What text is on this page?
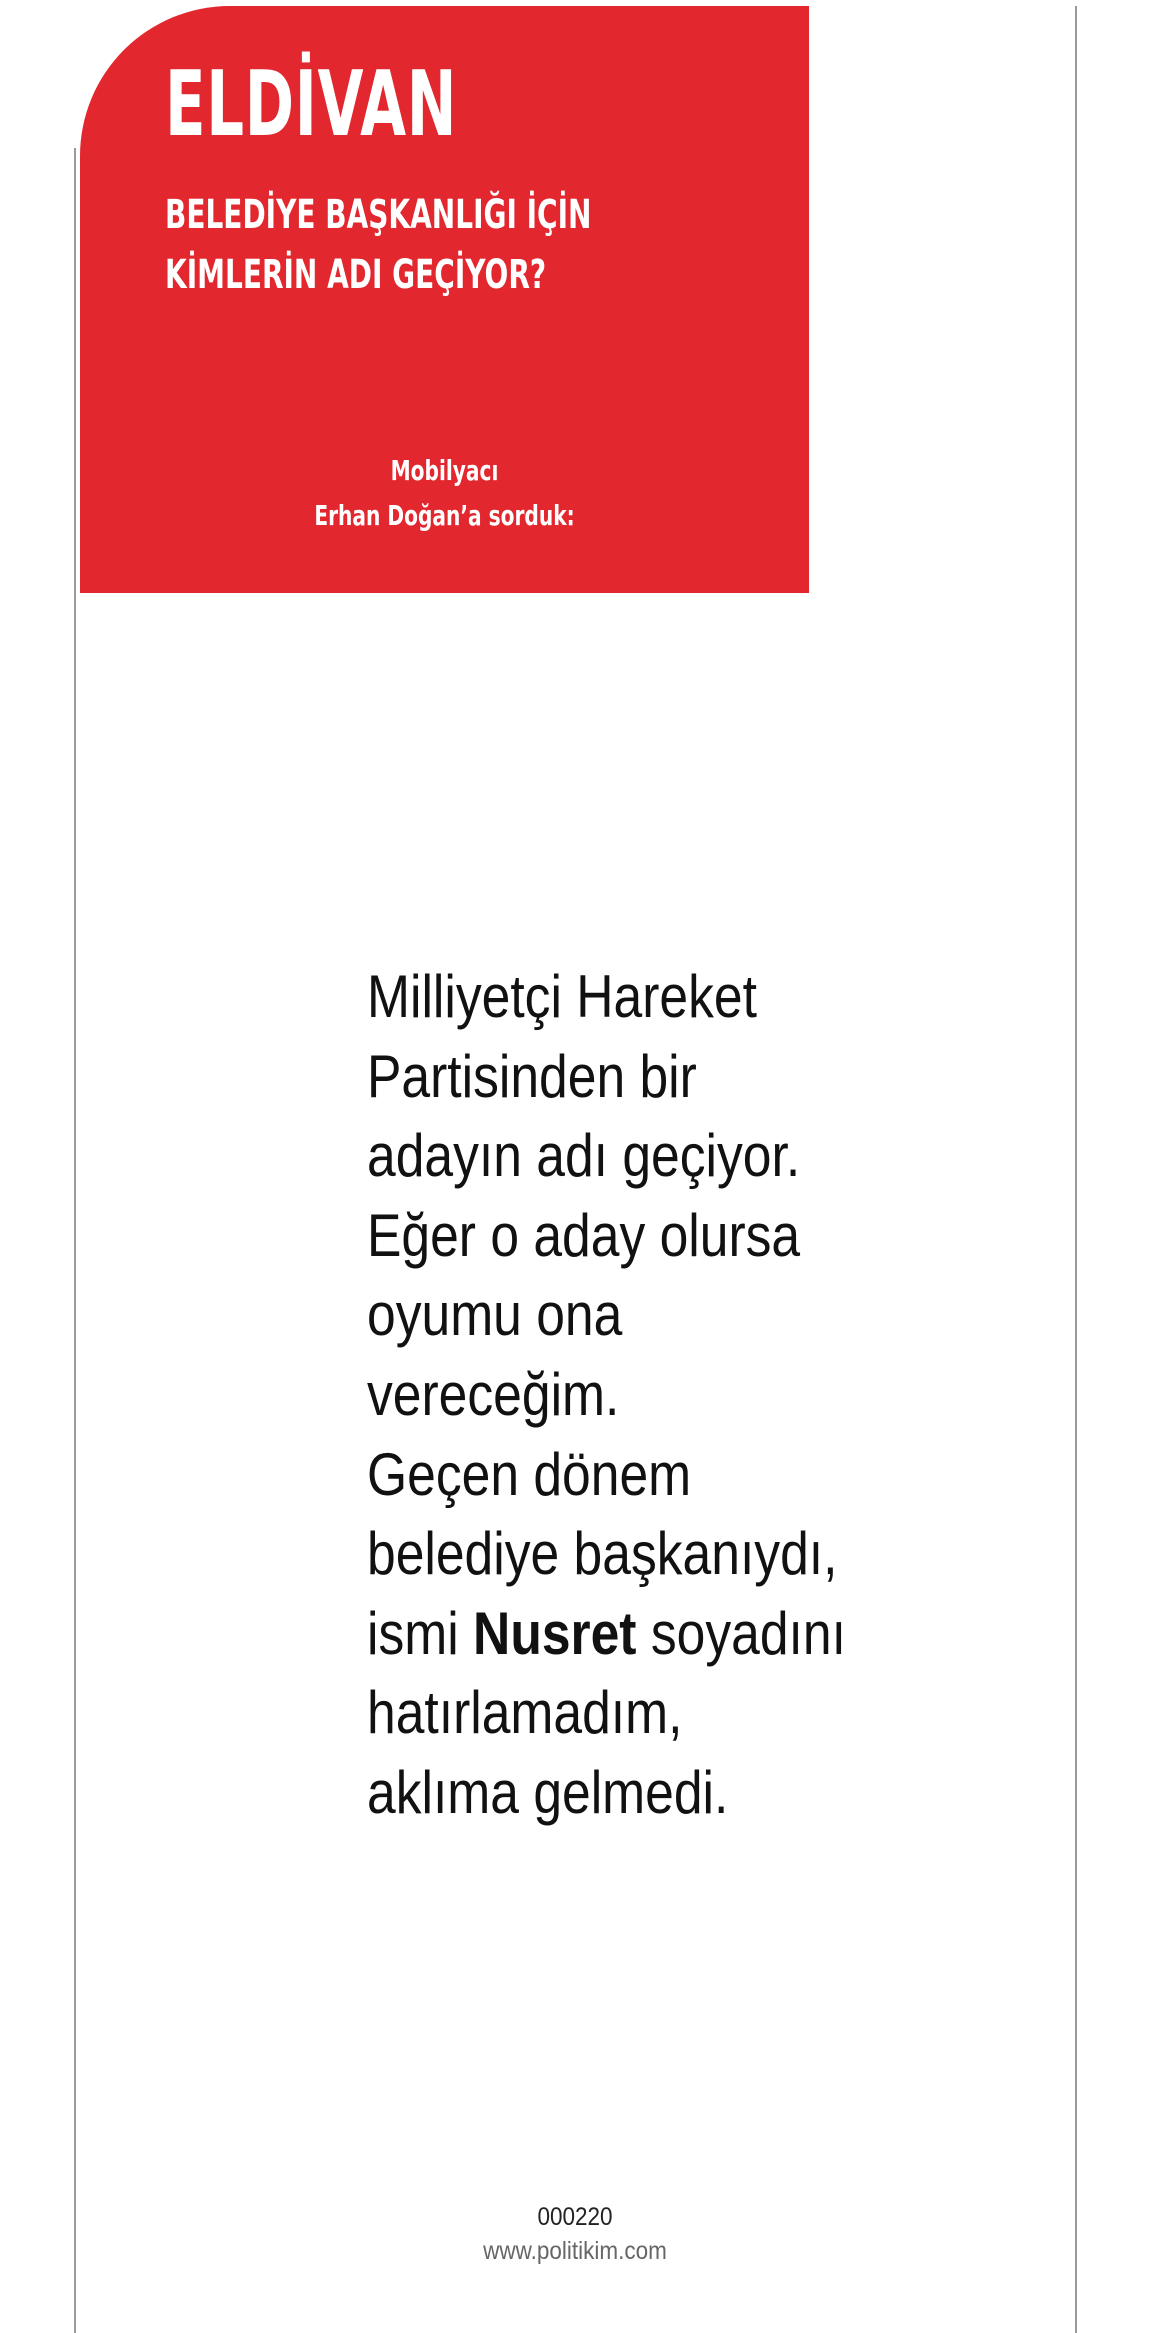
ELDİVAN
BELEDİYE BAŞKANLIĞI İÇİN
KİMLERİN ADI GEÇİYOR?
Mobilyacı
Erhan Doğan’a sorduk:
Milliyetçi Hareket
Partisinden bir
adayın adı geçiyor.
Eğer o aday olursa
oyumu ona
vereceğim.
Geçen dönem
belediye başkanıydı,
ismi Nusret soyadını
hatırlamadım,
aklıma gelmedi.
000220
www.politikim.com
